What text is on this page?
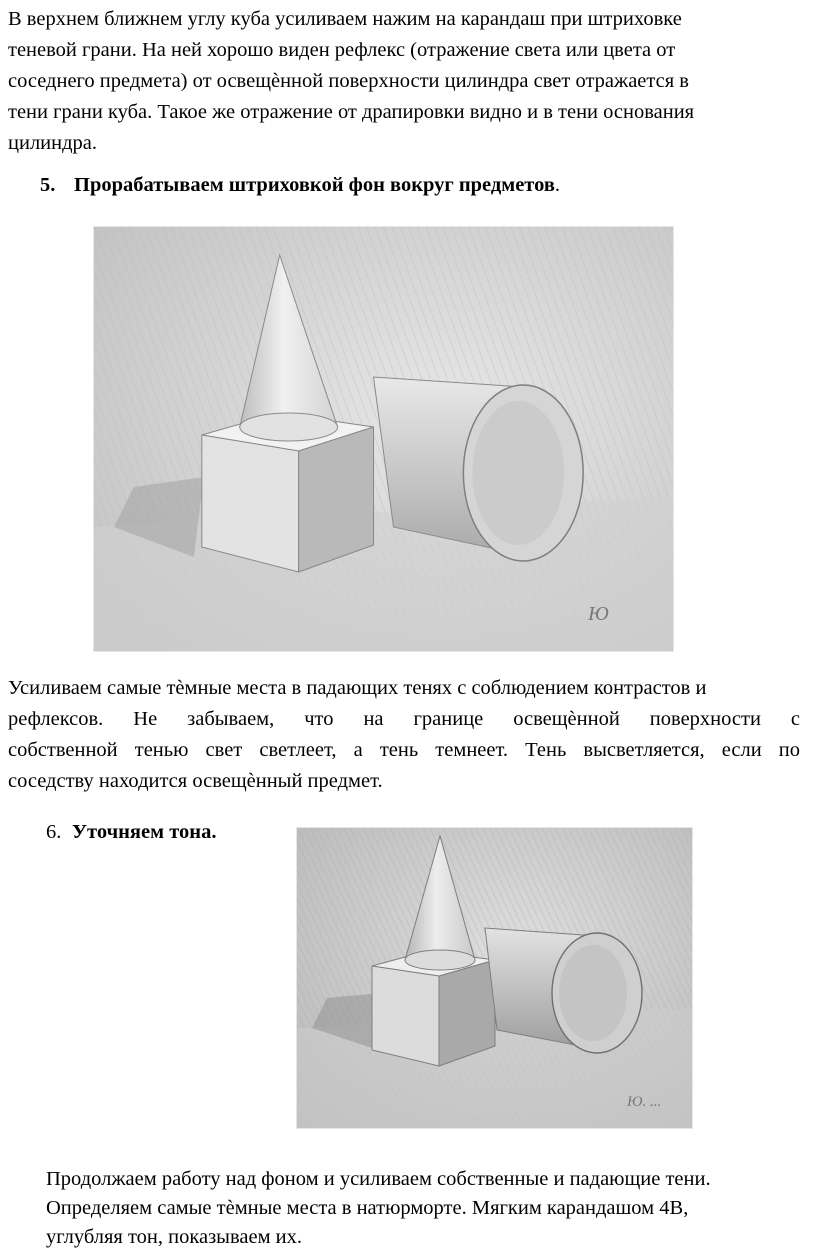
В верхнем ближнем углу куба усиливаем нажим на карандаш при штриховке
теневой грани. На ней хорошо виден рефлекс (отражение света или цвета от
соседнего предмета) от освещѐнной поверхности цилиндра свет отражается в
тени грани куба. Такое же отражение от драпировки видно и в тени основания
цилиндра.

5. Прорабатываем штриховкой фон вокруг предметов.
Ю

Усиливаем самые тѐмные места в падающих тенях с соблюдением контрастов и
рефлексов. Не забываем, что на границе освещѐнной поверхности с
собственной тенью свет светлеет, а тень темнеет. Тень высветляется, если по
соседству находится освещѐнный предмет.

6. Уточняем тона.
Ю. ...

Продолжаем работу над фоном и усиливаем собственные и падающие тени.
Определяем самые тѐмные места в натюрморте. Мягким карандашом 4В,
углубляя тон, показываем их.
